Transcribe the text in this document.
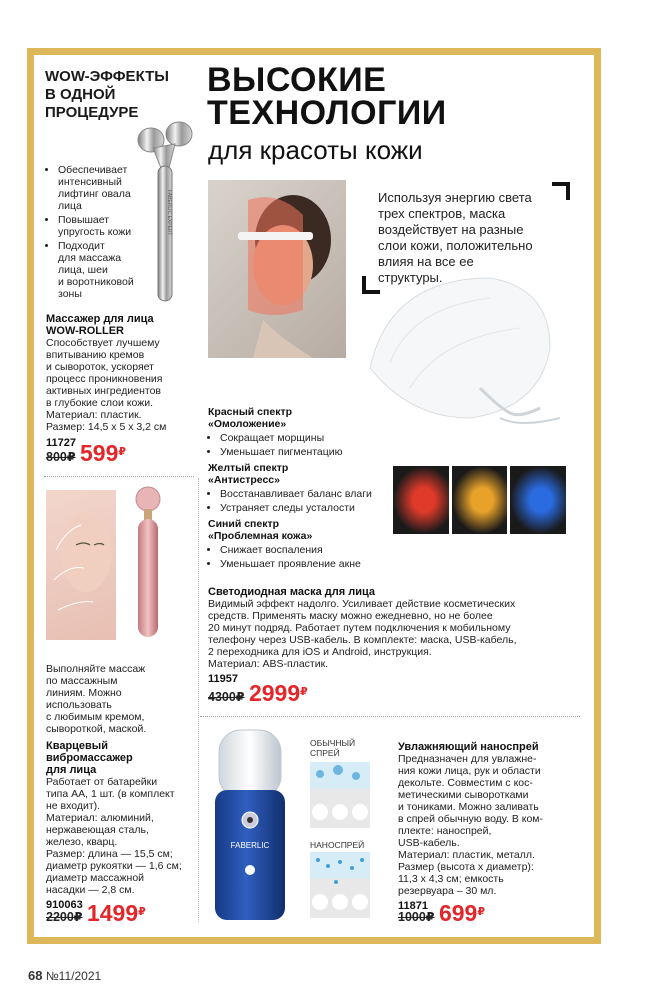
WOW-ЭФФЕКТЫ
В ОДНОЙ
ПРОЦЕДУРЕ
ВЫСОКИЕ
ТЕХНОЛОГИИ
для красоты кожи
• Обеспечивает
интенсивный
лифтинг овала
лица
• Повышает
упругость кожи
• Подходит
для массажа
лица, шеи
и воротниковой
зоны
FABERLIC EXPERT
Массажер для лица
WOW-ROLLER
Способствует лучшему
впитыванию кремов
и сывороток, ускоряет
процесс проникновения
активных ингредиентов
в глубокие слои кожи.
Материал: пластик.
Размер: 14,5 х 5 х 3,2 см
11727
800₽ 599₽
Выполняйте массаж
по массажным
линиям. Можно
использовать
с любимым кремом,
сывороткой, маской.
Кварцевый
вибромассажер
для лица
Работает от батарейки
типа АА, 1 шт. (в комплект
не входит).
Материал: алюминий,
нержавеющая сталь,
железо, кварц.
Размер: длина — 15,5 см;
диаметр рукоятки — 1,6 см;
диаметр массажной
насадки — 2,8 см.
910063
2200₽ 1499₽
Используя энергию света
трех спектров, маска
воздействует на разные
слои кожи, положительно
влияя на все ее
структуры.
Красный спектр
«Омоложение»
• Сокращает морщины
• Уменьшает пигментацию
Желтый спектр
«Антистресс»
• Восстанавливает баланс влаги
• Устраняет следы усталости
Синий спектр
«Проблемная кожа»
• Снижает воспаления
• Уменьшает проявление акне
Светодиодная маска для лица
Видимый эффект надолго. Усиливает действие косметических
средств. Применять маску можно ежедневно, но не более
20 минут подряд. Работает путем подключения к мобильному
телефону через USB-кабель. В комплекте: маска, USB-кабель,
2 переходника для iOS и Android, инструкция.
Материал: ABS-пластик.
11957
4300₽ 2999₽
FABERLIC
ОБЫЧНЫЙ
СПРЕЙ
НАНОСПРЕЙ
Увлажняющий наноспрей
Предназначен для увлажне-
ния кожи лица, рук и области
декольте. Совместим с кос-
метическими сыворотками
и тониками. Можно заливать
в спрей обычную воду. В ком-
плекте: наноспрей,
USB-кабель.
Материал: пластик, металл.
Размер (высота х диаметр):
11,3 х 4,3 см; емкость
резервуара – 30 мл.
11871
1000₽ 699₽
68 №11/2021
